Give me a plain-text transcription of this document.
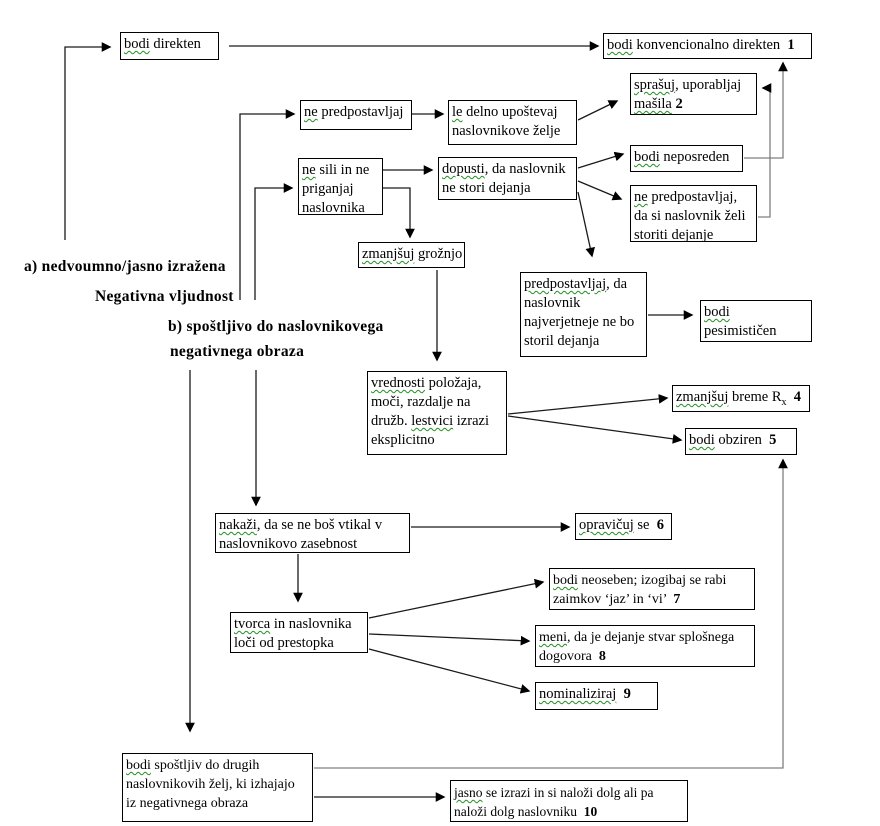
bodi direkten	bodi konvencionalno direkten  1
sprašuj, uporabljaj
mašila 2
ne predpostavljaj	le delno upoštevaj
naslovnikove želje
ne sili in ne
priganjaj
naslovnika
dopusti, da naslovnik
ne stori dejanja
bodi neposreden
ne predpostavljaj,
da si naslovnik želi
storiti dejanje
zmanjšuj grožnjo
predpostavljaj, da
naslovnik
najverjetneje ne bo
storil dejanja
bodi
pesimističen
vrednosti položaja,
moči, razdalje na
družb. lestvici izrazi
eksplicitno
zmanjšuj breme $R_x$ 4
bodi obziren  5
nakaži, da se ne boš vtikal v
naslovnikovo zasebnost
opravičuj se  6
tvorca in naslovnika
loči od prestopka
bodi neoseben; izogibaj se rabi
zaimkov ‘jaz’ in ‘vi’  7
meni, da je dejanje stvar splošnega
dogovora  8
nominaliziraj 9
bodi spoštljiv do drugih
naslovnikovih želj, ki izhajajo
iz negativnega obraza
jasno se izrazi in si naloži dolg ali pa
naloži dolg naslovniku  10
a) nedvoumno/jasno izražena
Negativna vljudnost
b) spoštljivo do naslovnikovega
negativnega obraza
